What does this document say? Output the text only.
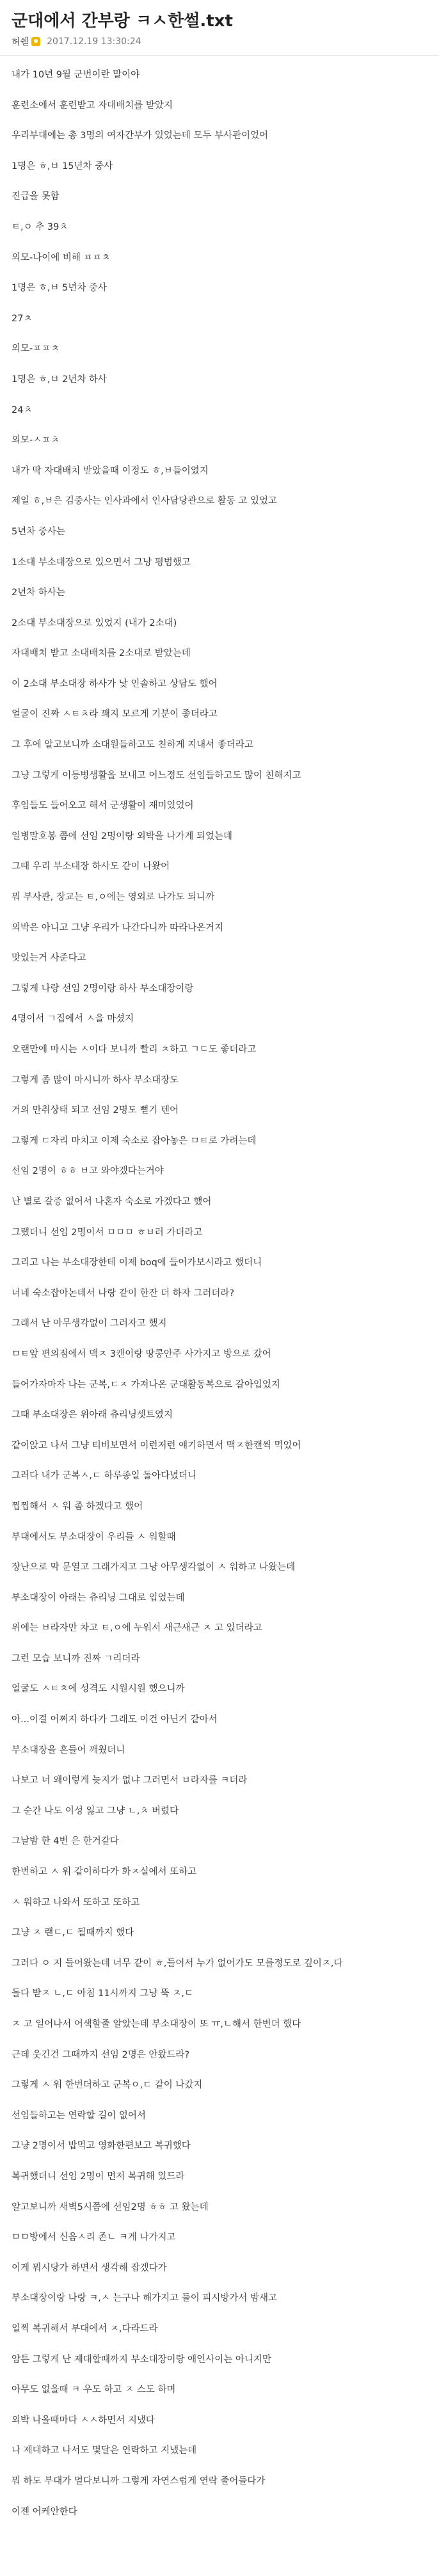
군대에서 간부랑 ㅋㅅ한썰.txt
허쉘 2017.12.19 13:30:24
내가 10년 9월 군번이란 말이야
훈련소에서 훈련받고 자대배치를 받았지
우리부대에는 총 3명의 여자간부가 있었는데 모두 부사관이었어
1명은 ㅎ,ㅂ 15년차 중사
진급을 못함
ㅌ,ㅇ 추 39ㅊ
외모-나이에 비해 ㅍㅍㅊ
1명은 ㅎ,ㅂ 5년차 중사
27ㅊ
외모-ㅍㅍㅊ
1명은 ㅎ,ㅂ 2년차 하사
24ㅊ
외모-ㅅㅍㅊ
내가 딱 자대배치 받았을때 이정도 ㅎ,ㅂ들이였지
제일 ㅎ,ㅂ은 김중사는 인사과에서 인사담당관으로 활동 고 있었고
5년차 중사는
1소대 부소대장으로 있으면서 그냥 평범했고
2년차 하사는
2소대 부소대장으로 있었지 (내가 2소대)
자대배치 받고 소대배치를 2소대로 받았는데
이 2소대 부소대장 하사가 낯 인솔하고 상담도 했어
얼굴이 진짜 ㅅㅌㅊ라 꽤지 모르게 기분이 좋더라고
그 후에 알고보니까 소대원들하고도 친하게 지내서 좋더라고
그냥 그렇게 이등병생활을 보내고 어느정도 선임들하고도 많이 친해지고
후임들도 들어오고 해서 군생활이 재미있었어
일병말호봉 쯤에 선임 2명이랑 외박을 나가게 되었는데
그때 우리 부소대장 하사도 같이 나왔어
뭐 부사관, 장교는 ㅌ,ㅇ에는 영외로 나가도 되니까
외박은 아니고 그냥 우리가 나간다니까 따라나온거지
맛있는거 사준다고
그렇게 나랑 선임 2명이랑 하사 부소대장이랑
4명이서 ㄱ집에서 ㅅ을 마셨지
오랜만에 마시는 ㅅ이다 보니까 빨리 ㅊ하고 ㄱㄷ도 좋더라고
그렇게 좀 많이 마시니까 하사 부소대장도
거의 만취상태 되고 선임 2명도 뻗기 텐어
그렇게 ㄷ자리 마치고 이제 숙소로 잡아놓은 ㅁㅌ로 가려는데
선임 2명이 ㅎㅎ ㅂ고 와야겠다는거야
난 별로 갈증 없어서 나혼자 숙소로 가겠다고 했어
그랬더니 선임 2명이서 ㅁㅁㅁ ㅎㅂ러 가더라고
그리고 나는 부소대장한테 이제 boq에 들어가보시라고 했더니
너네 숙소잡아논데서 나랑 같이 한잔 더 하자 그러더라?
그래서 난 아무생각없이 그러자고 했지
ㅁㅌ앞 편의점에서 맥ㅈ 3캔이랑 땅콩안주 사가지고 방으로 갔어
들어가자마자 나는 군복,ㄷㅈ 가져나온 군대활동복으로 갈아입었지
그때 부소대장은 위아래 츄리닝셋트였지
같이앉고 나서 그냥 티비보면서 이런저런 얘기하면서 맥ㅈ한캔씩 먹었어
그러다 내가 군복ㅅ,ㄷ 하루종일 돌아다녔더니
찝찝해서 ㅅ 워 좀 하겠다고 했어
부대에서도 부소대장이 우리들 ㅅ 워할때
장난으로 막 문열고 그래가지고 그냥 아무생각없이 ㅅ 워하고 나왔는데
부소대장이 아래는 츄리닝 그대로 입었는데
위에는 ㅂ라자만 차고 ㅌ,ㅇ에 누워서 새근새근 ㅈ 고 있더라고
그런 모습 보니까 진짜 ㄱ리더라
얼굴도 ㅅㅌㅊ에 성격도 시원시원 했으니까
아...이걸 어쩌지 하다가 그래도 이건 아닌거 같아서
부소대장을 흔들어 깨웠더니
나보고 너 왜이렇게 늦지가 없냐 그러면서 ㅂ라자를 ㅋ더라
그 순간 나도 이성 잃고 그냥 ㄴ,ㅊ 버렸다
그날밤 한 4번 은 한거같다
한번하고 ㅅ 워 같이하다가 화ㅈ실에서 또하고
ㅅ 워하고 나와서 또하고 또하고
그냥 ㅈ 랜ㄷ,ㄷ 될때까지 했다
그러다 ㅇ 지 들어왔는데 너무 같이 ㅎ,들어서 누가 없어가도 모를정도로 깊이ㅈ,다
돌다 받ㅈ ㄴ,ㄷ 아침 11시까지 그냥 뚝 ㅈ,ㄷ
ㅈ 고 일어나서 어색할줄 알았는데 부소대장이 또 ㅠ,ㄴ해서 한번더 했다
근데 웃긴건 그때까지 선임 2명은 안왔드라?
그렇게 ㅅ 워 한번더하고 군복ㅇ,ㄷ 같이 나갔지
선임들하고는 연락할 길이 없어서
그냥 2명이서 밥먹고 영화한편보고 복귀했다
복귀했더니 선임 2명이 먼저 복귀해 있드라
알고보니까 새벽5시쯤에 선임2명 ㅎㅎ 고 왔는데
ㅁㅁ방에서 신음ㅅ리 존ㄴ ㅋ게 나가지고
이게 뭐시당가 하면서 생각해 잡겠다가
부소대장이랑 나랑 ㅋ,ㅅ 는구나 해가지고 둘이 피시방가서 밤새고
일찍 복귀해서 부대에서 ㅈ,다라드라
암튼 그렇게 난 제대할때까지 부소대장이랑 애인사이는 아니지만
아무도 없을때 ㅋ 우도 하고 ㅈ 스도 하며
외박 나올때마다 ㅅㅅ하면서 지냈다
나 제대하고 나서도 몇달은 연락하고 지냈는데
뭐 하도 부대가 멀다보니까 그렇게 자연스럽게 연락 줄어들다가
이젠 어케안한다
